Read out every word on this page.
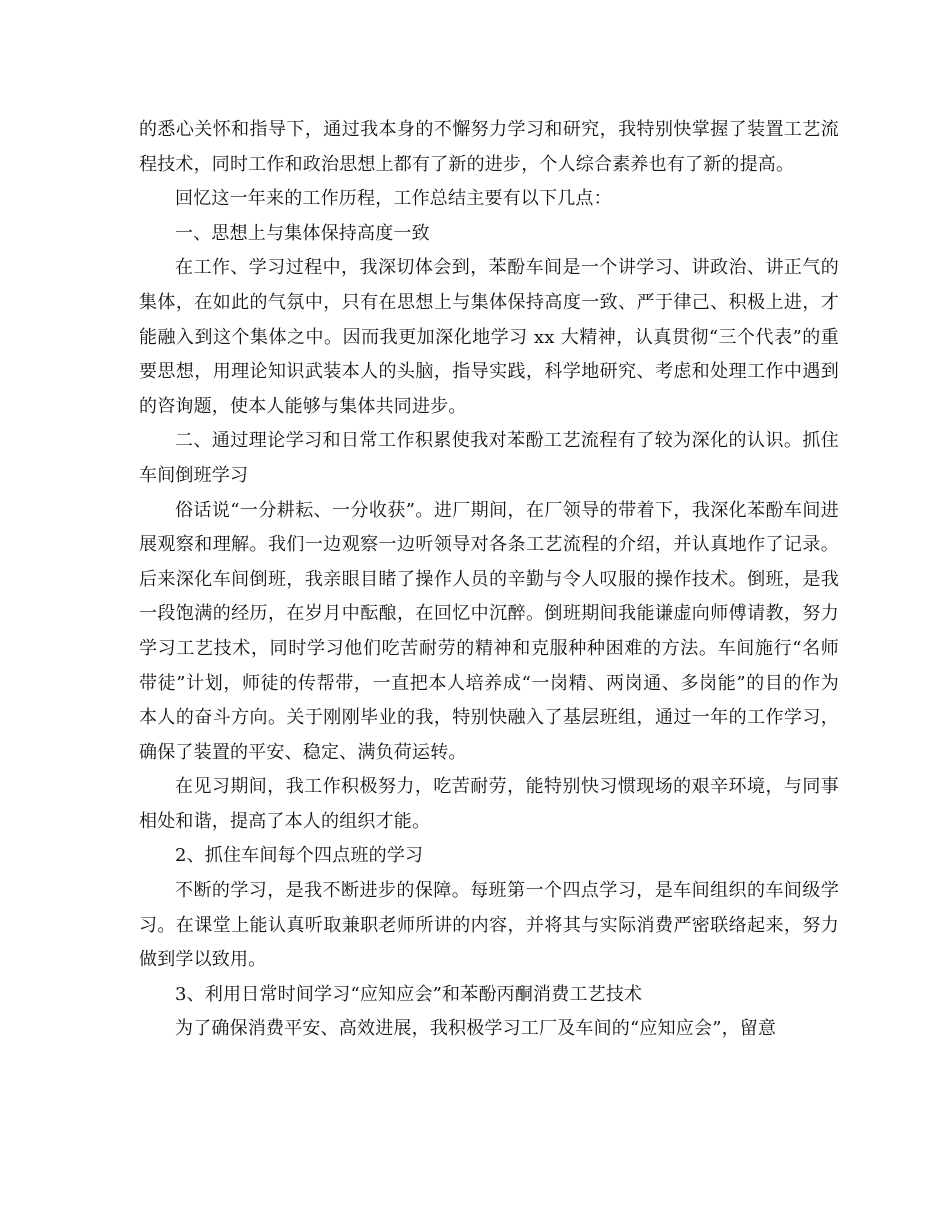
的悉心关怀和指导下，通过我本身的不懈努力学习和研究，我特别快掌握了装置工艺流程技术，同时工作和政治思想上都有了新的进步，个人综合素养也有了新的提高。

回忆这一年来的工作历程，工作总结主要有以下几点：

一、思想上与集体保持高度一致

在工作、学习过程中，我深切体会到，苯酚车间是一个讲学习、讲政治、讲正气的集体，在如此的气氛中，只有在思想上与集体保持高度一致、严于律己、积极上进，才能融入到这个集体之中。因而我更加深化地学习 xx 大精神，认真贯彻“三个代表”的重要思想，用理论知识武装本人的头脑，指导实践，科学地研究、考虑和处理工作中遇到的咨询题，使本人能够与集体共同进步。

二、通过理论学习和日常工作积累使我对苯酚工艺流程有了较为深化的认识。抓住车间倒班学习

俗话说“一分耕耘、一分收获”。进厂期间，在厂领导的带着下，我深化苯酚车间进展观察和理解。我们一边观察一边听领导对各条工艺流程的介绍，并认真地作了记录。后来深化车间倒班，我亲眼目睹了操作人员的辛勤与令人叹服的操作技术。倒班，是我一段饱满的经历，在岁月中酝酿，在回忆中沉醉。倒班期间我能谦虚向师傅请教，努力学习工艺技术，同时学习他们吃苦耐劳的精神和克服种种困难的方法。车间施行“名师带徒”计划，师徒的传帮带，一直把本人培养成“一岗精、两岗通、多岗能”的目的作为本人的奋斗方向。关于刚刚毕业的我，特别快融入了基层班组，通过一年的工作学习，确保了装置的平安、稳定、满负荷运转。

在见习期间，我工作积极努力，吃苦耐劳，能特别快习惯现场的艰辛环境，与同事相处和谐，提高了本人的组织才能。

2、抓住车间每个四点班的学习

不断的学习，是我不断进步的保障。每班第一个四点学习，是车间组织的车间级学习。在课堂上能认真听取兼职老师所讲的内容，并将其与实际消费严密联络起来，努力做到学以致用。

3、利用日常时间学习“应知应会”和苯酚丙酮消费工艺技术

为了确保消费平安、高效进展，我积极学习工厂及车间的“应知应会”，留意
